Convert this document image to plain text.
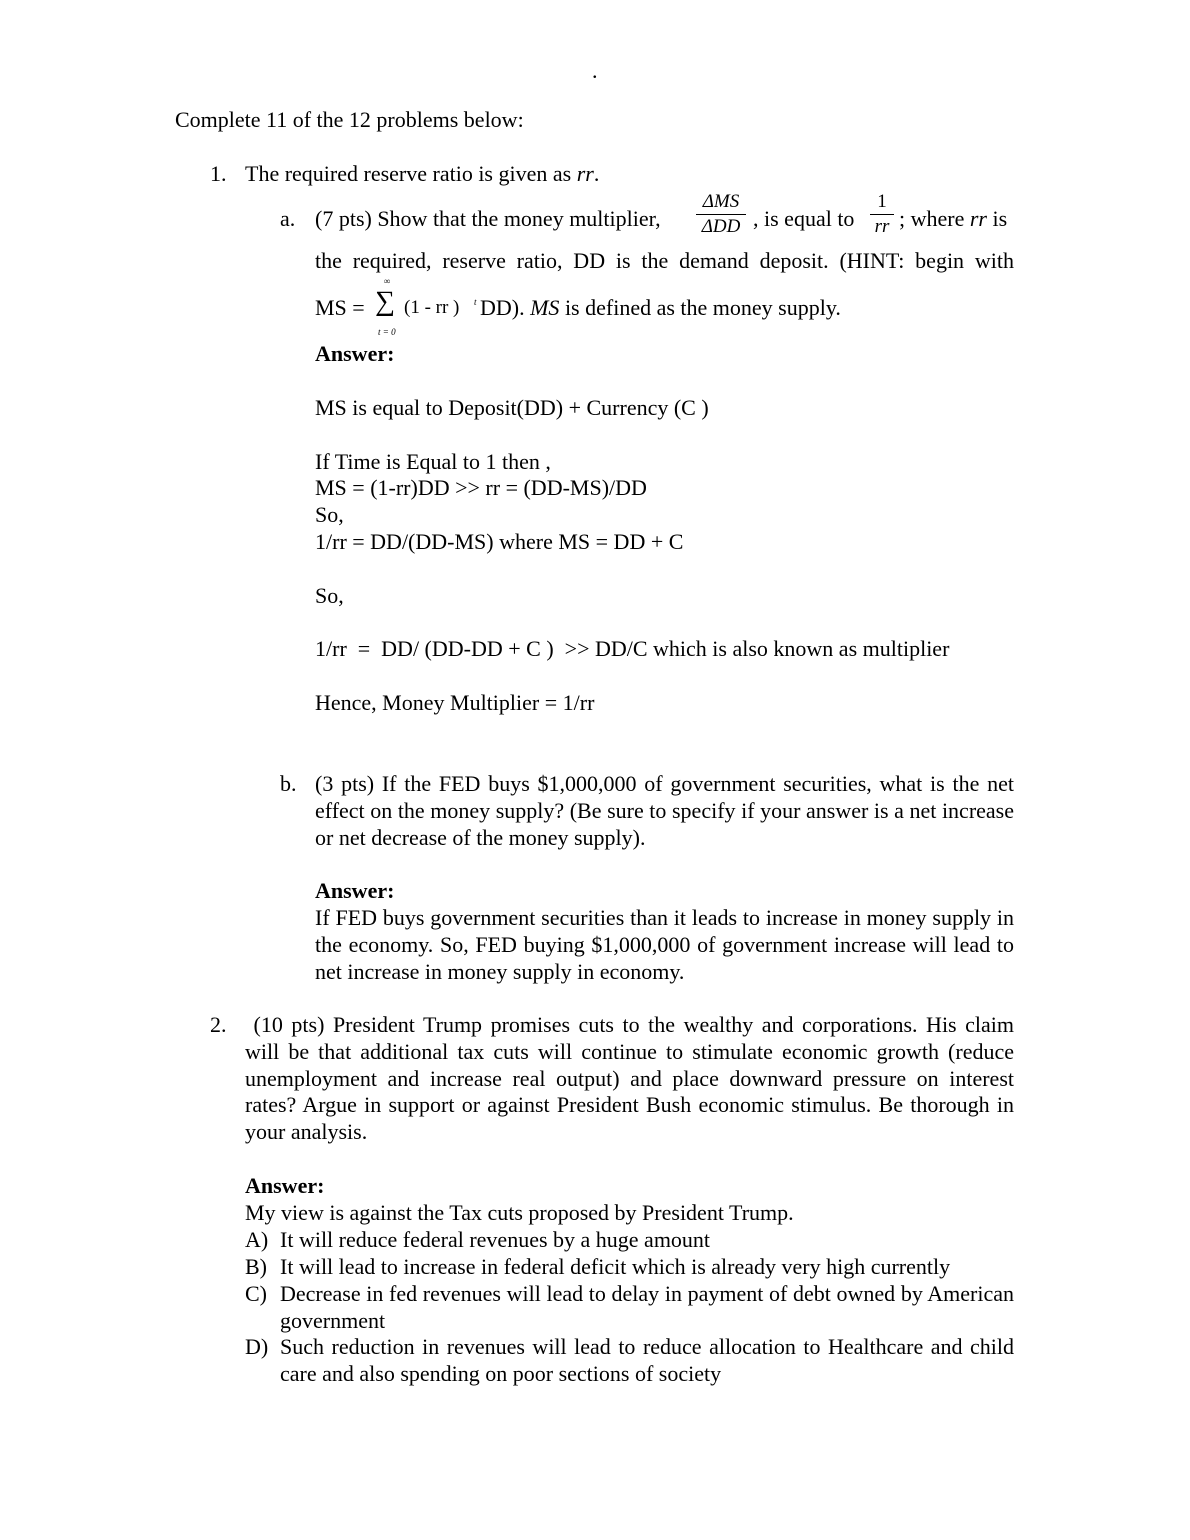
.
Complete 11 of the 12 problems below:
1. The required reserve ratio is given as rr.
a. (7 pts) Show that the money multiplier,
ΔMS
ΔDD , is equal to
1
rr ; where rr is
the required, reserve ratio, DD is the demand deposit. (HINT: begin with
MS =
∞
∑
t = 0
(1 - rr ) t DD). MS is defined as the money supply.
Answer:
MS is equal to Deposit(DD) + Currency (C )
If Time is Equal to 1 then ,
MS = (1-rr)DD >> rr = (DD-MS)/DD
So,
1/rr = DD/(DD-MS) where MS = DD + C
So,
1/rr  =  DD/ (DD-DD + C )  >> DD/C which is also known as multiplier
Hence, Money Multiplier = 1/rr
b. (3 pts) If the FED buys $1,000,000 of government securities, what is the net effect on the money supply? (Be sure to specify if your answer is a net increase or net decrease of the money supply).
Answer:
If FED buys government securities than it leads to increase in money supply in the economy. So, FED buying $1,000,000 of government increase will lead to net increase in money supply in economy.
2. (10 pts) President Trump promises cuts to the wealthy and corporations. His claim will be that additional tax cuts will continue to stimulate economic growth (reduce unemployment and increase real output) and place downward pressure on interest rates? Argue in support or against President Bush economic stimulus. Be thorough in your analysis.
Answer:
My view is against the Tax cuts proposed by President Trump.
A) It will reduce federal revenues by a huge amount
B) It will lead to increase in federal deficit which is already very high currently
C) Decrease in fed revenues will lead to delay in payment of debt owned by American government
D) Such reduction in revenues will lead to reduce allocation to Healthcare and child care and also spending on poor sections of society
